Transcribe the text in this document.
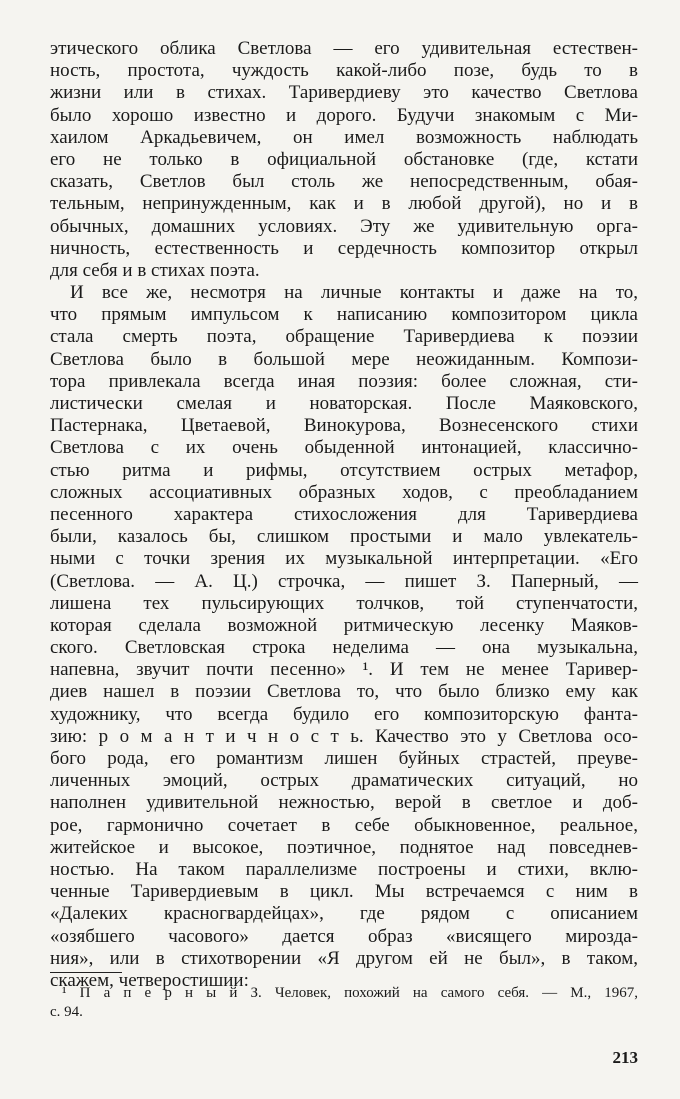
этического облика Светлова — его удивительная естествен-
ность, простота, чуждость какой-либо позе, будь то в
жизни или в стихах. Таривердиеву это качество Светлова
было хорошо известно и дорого. Будучи знакомым с Ми-
хаилом Аркадьевичем, он имел возможность наблюдать
его не только в официальной обстановке (где, кстати
сказать, Светлов был столь же непосредственным, обая-
тельным, непринужденным, как и в любой другой), но и в
обычных, домашних условиях. Эту же удивительную орга-
ничность, естественность и сердечность композитор открыл
для себя и в стихах поэта.
И все же, несмотря на личные контакты и даже на то,
что прямым импульсом к написанию композитором цикла
стала смерть поэта, обращение Таривердиева к поэзии
Светлова было в большой мере неожиданным. Компози-
тора привлекала всегда иная поэзия: более сложная, сти-
листически смелая и новаторская. После Маяковского,
Пастернака, Цветаевой, Винокурова, Вознесенского стихи
Светлова с их очень обыденной интонацией, классичнo-
стью ритма и рифмы, отсутствием острых метафор,
сложных ассоциативных образных ходов, с преобладанием
песенного характера стихосложения для Таривердиева
были, казалось бы, слишком простыми и мало увлекатель-
ными с точки зрения их музыкальной интерпретации. «Его
(Светлова. — А. Ц.) строчка, — пишет З. Паперный, —
лишена тех пульсирующих толчков, той ступенчатости,
которая сделала возможной ритмическую лесенку Маяков-
ского. Светловская строка неделима — она музыкальна,
напевна, звучит почти песенно» ¹. И тем не менее Таривер-
диев нашел в поэзии Светлова то, что было близко ему как
художнику, что всегда будило его композиторскую фанта-
зию: р о м а н т и ч н о с т ь. Качество это у Светлова осо-
бого рода, его романтизм лишен буйных страстей, преуве-
личенных эмоций, острых драматических ситуаций, но
наполнен удивительной нежностью, верой в светлое и доб-
рое, гармонично сочетает в себе обыкновенное, реальное,
житейское и высокое, поэтичное, поднятое над повседнев-
ностью. На таком параллелизме построены и стихи, вклю-
ченные Таривердиевым в цикл. Мы встречаемся с ним в
«Далеких красногвардейцах», где рядом с описанием
«озябшего часового» дается образ «висящего мирозда-
ния», или в стихотворении «Я другом ей не был», в таком,
скажем, четверостишии:
¹ П а п е р н ы й З. Человек, похожий на самого себя. — М., 1967,
с. 94.
213
